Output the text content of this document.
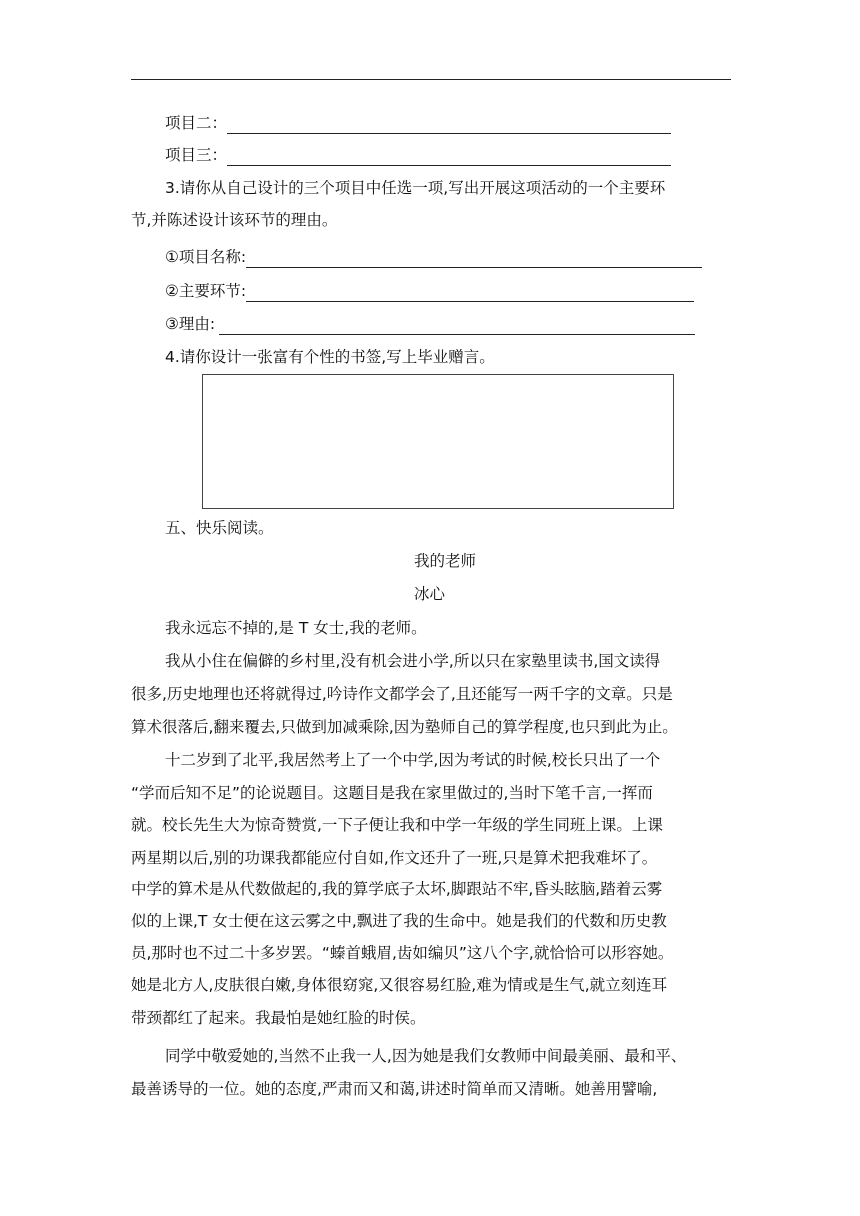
项目二：
项目三：
3.请你从自己设计的三个项目中任选一项,写出开展这项活动的一个主要环
节,并陈述设计该环节的理由。
①项目名称:
②主要环节:
③理由:
4.请你设计一张富有个性的书签,写上毕业赠言。
五、快乐阅读。
我的老师
冰心
我永远忘不掉的,是 T 女士,我的老师。
我从小住在偏僻的乡村里,没有机会进小学,所以只在家塾里读书,国文读得
很多,历史地理也还将就得过,吟诗作文都学会了,且还能写一两千字的文章。只是
算术很落后,翻来覆去,只做到加减乘除,因为塾师自己的算学程度,也只到此为止。
十二岁到了北平,我居然考上了一个中学,因为考试的时候,校长只出了一个
“学而后知不足”的论说题目。这题目是我在家里做过的,当时下笔千言,一挥而
就。校长先生大为惊奇赞赏,一下子便让我和中学一年级的学生同班上课。上课
两星期以后,别的功课我都能应付自如,作文还升了一班,只是算术把我难坏了。
中学的算术是从代数做起的,我的算学底子太坏,脚跟站不牢,昏头眩脑,踏着云雾
似的上课,T 女士便在这云雾之中,飘进了我的生命中。她是我们的代数和历史教
员,那时也不过二十多岁罢。“螓首蛾眉,齿如编贝”这八个字,就恰恰可以形容她。
她是北方人,皮肤很白嫩,身体很窈窕,又很容易红脸,难为情或是生气,就立刻连耳
带颈都红了起来。我最怕是她红脸的时侯。
同学中敬爱她的,当然不止我一人,因为她是我们女教师中间最美丽、最和平、
最善诱导的一位。她的态度,严肃而又和蔼,讲述时简单而又清晰。她善用譬喻,
